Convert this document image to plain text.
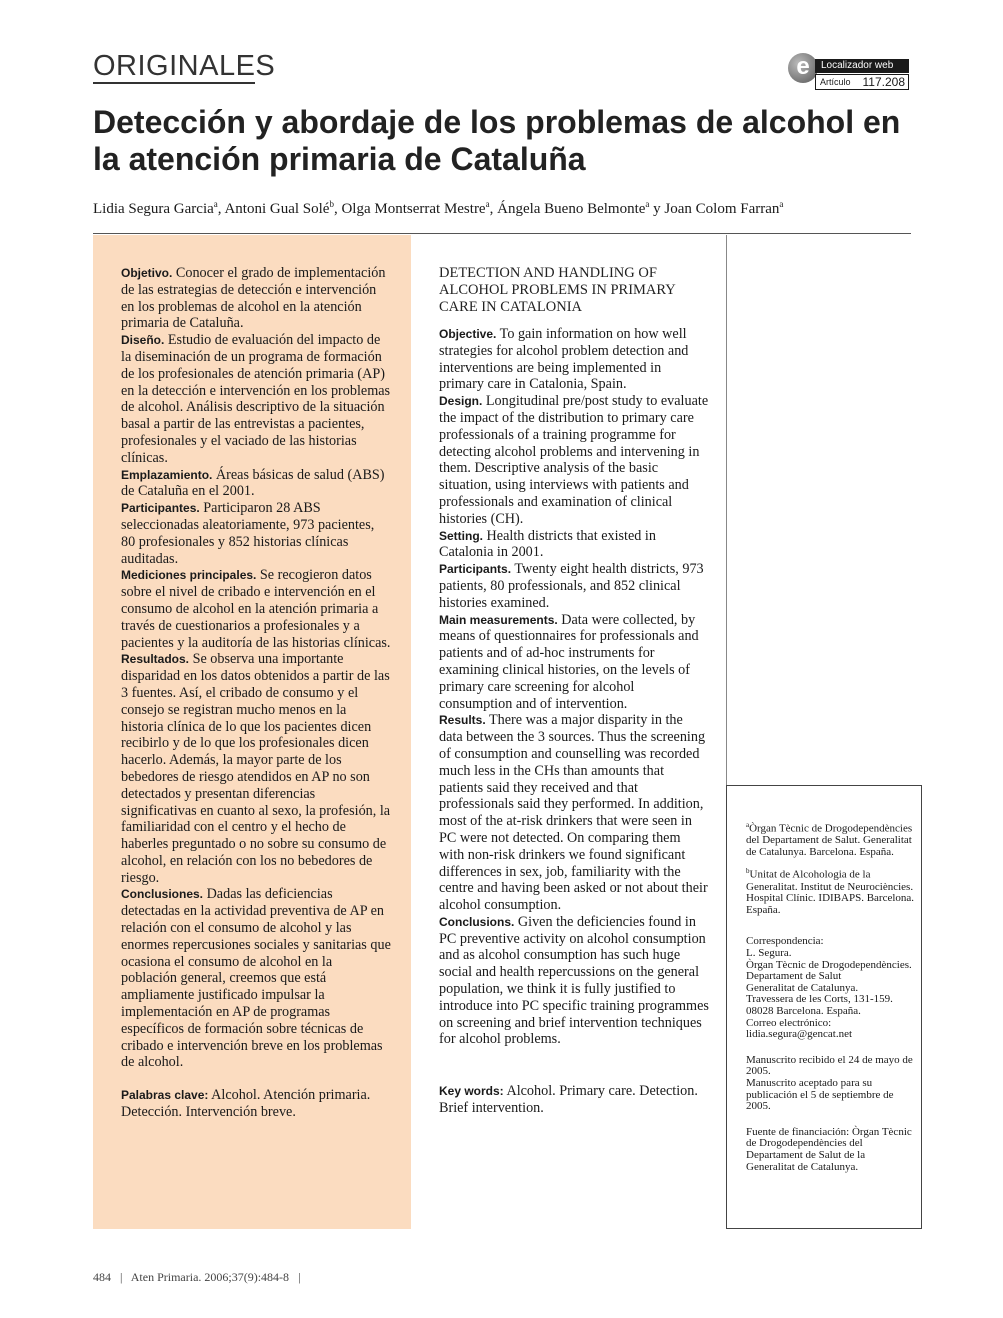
ORIGINALES	e	Localizador web
Artículo 117.208
Detección y abordaje de los problemas de alcohol en la atención primaria de Cataluña
Lidia Segura Garcia$^a$, Antoni Gual Solé$^b$, Olga Montserrat Mestre$^a$, Ángela Bueno Belmonte$^a$ y Joan Colom Farran$^a$

Objetivo. Conocer el grado de implementación de las estrategias de detección e intervención en los problemas de alcohol en la atención primaria de Cataluña.

Diseño. Estudio de evaluación del impacto de la diseminación de un programa de formación de los profesionales de atención primaria (AP) en la detección e intervención en los problemas de alcohol. Análisis descriptivo de la situación basal a partir de las entrevistas a pacientes, profesionales y el vaciado de las historias clínicas.

Emplazamiento. Áreas básicas de salud (ABS) de Cataluña en el 2001.

Participantes. Participaron 28 ABS seleccionadas aleatoriamente, 973 pacientes, 80 profesionales y 852 historias clínicas auditadas.

Mediciones principales. Se recogieron datos sobre el nivel de cribado e intervención en el consumo de alcohol en la atención primaria a través de cuestionarios a profesionales y a pacientes y la auditoría de las historias clínicas.

Resultados. Se observa una importante disparidad en los datos obtenidos a partir de las 3 fuentes. Así, el cribado de consumo y el consejo se registran mucho menos en la historia clínica de lo que los pacientes dicen recibirlo y de lo que los profesionales dicen hacerlo. Además, la mayor parte de los bebedores de riesgo atendidos en AP no son detectados y presentan diferencias significativas en cuanto al sexo, la profesión, la familiaridad con el centro y el hecho de haberles preguntado o no sobre su consumo de alcohol, en relación con los no bebedores de riesgo.

Conclusiones. Dadas las deficiencias detectadas en la actividad preventiva de AP en relación con el consumo de alcohol y las enormes repercusiones sociales y sanitarias que ocasiona el consumo de alcohol en la población general, creemos que está ampliamente justificado impulsar la implementación en AP de programas específicos de formación sobre técnicas de cribado e intervención breve en los problemas de alcohol.

Palabras clave: Alcohol. Atención primaria. Detección. Intervención breve.

DETECTION AND HANDLING OF ALCOHOL PROBLEMS IN PRIMARY CARE IN CATALONIA

Objective. To gain information on how well strategies for alcohol problem detection and interventions are being implemented in primary care in Catalonia, Spain.

Design. Longitudinal pre/post study to evaluate the impact of the distribution to primary care professionals of a training programme for detecting alcohol problems and intervening in them. Descriptive analysis of the basic situation, using interviews with patients and professionals and examination of clinical histories (CH).

Setting. Health districts that existed in Catalonia in 2001.

Participants. Twenty eight health districts, 973 patients, 80 professionals, and 852 clinical histories examined.

Main measurements. Data were collected, by means of questionnaires for professionals and patients and of ad-hoc instruments for examining clinical histories, on the levels of primary care screening for alcohol consumption and of intervention.

Results. There was a major disparity in the data between the 3 sources. Thus the screening of consumption and counselling was recorded much less in the CHs than amounts that patients said they received and that professionals said they performed. In addition, most of the at-risk drinkers that were seen in PC were not detected. On comparing them with non-risk drinkers we found significant differences in sex, job, familiarity with the centre and having been asked or not about their alcohol consumption.

Conclusions. Given the deficiencies found in PC preventive activity on alcohol consumption and as alcohol consumption has such huge social and health repercussions on the general population, we think it is fully justified to introduce into PC specific training programmes on screening and brief intervention techniques for alcohol problems.

Key words: Alcohol. Primary care. Detection. Brief intervention.

$^a$Òrgan Tècnic de Drogodependències del Departament de Salut. Generalitat de Catalunya. Barcelona. España.

$^b$Unitat de Alcohologia de la Generalitat. Institut de Neurociències. Hospital Clínic. IDIBAPS. Barcelona. España.

Correspondencia:

L. Segura.

Òrgan Tècnic de Drogodependències. Departament de Salut

Generalitat de Catalunya.

Travessera de les Corts, 131-159.

08028 Barcelona. España.

Correo electrónico:

lidia.segura@gencat.net

Manuscrito recibido el 24 de mayo de 2005.

Manuscrito aceptado para su publicación el 5 de septiembre de 2005.

Fuente de financiación: Òrgan Tècnic de Drogodependències del Departament de Salut de la Generalitat de Catalunya.

484   |   Aten Primaria. 2006;37(9):484-8   |
